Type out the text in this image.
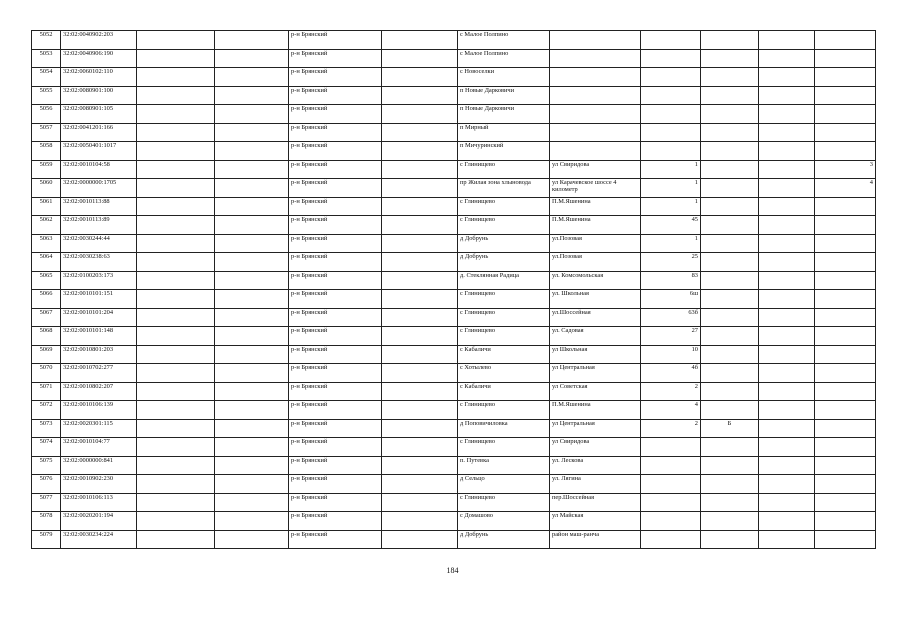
5052	32:02:0040902:203			р-н Брянский		с Малое Полпино					
5053	32:02:0040906:190			р-н Брянский		с Малое Полпино					
5054	32:02:0060102:110			р-н Брянский		с Новоселки					
5055	32:02:0080901:100			р-н Брянский		п Новые Дарковичи					
5056	32:02:0080901:105			р-н Брянский		п Новые Дарковичи					
5057	32:02:0041201:166			р-н Брянский		п Мирный					
5058	32:02:0050401:1017			р-н Брянский		п Мичуринский					
5059	32:02:0010104:58			р-н Брянский		с Глинищево	ул Свиридова	1			3
5060	32:02:0000000:1705			р-н Брянский		пр Жилая зона хлыновода	ул Карачевское шоссе 4 километр	1			4
5061	32:02:0010113:88			р-н Брянский		с Глинищево	П.М.Яшенина	1			
5062	32:02:0010113:89			р-н Брянский		с Глинищево	П.М.Яшенина	45			
5063	32:02:0030244:44			р-н Брянский		д Добрунь	ул.Позовая	1			
5064	32:02:0030238:63			р-н Брянский		д Добрунь	ул.Позовая	25			
5065	32:02:0100203:173			р-н Брянский		д. Стеклянная Радица	ул. Комсомольская	83			
5066	32:02:0010101:151			р-н Брянский		с Глинищево	ул. Школьная	6ш			
5067	32:02:0010101:204			р-н Брянский		с Глинищево	ул.Шоссейная	63б			
5068	32:02:0010101:148			р-н Брянский		с Глинищево	ул. Садовая	27			
5069	32:02:0010801:203			р-н Брянский		с Кабаличи	ул Школьная	10			
5070	32:02:0010702:277			р-н Брянский		с Хотылево	ул Центральная	4б			
5071	32:02:0010802:207			р-н Брянский		с Кабаличи	ул Советская	2			
5072	32:02:0010106:139			р-н Брянский		с Глинищево	П.М.Яшенина	4			
5073	32:02:0020301:115			р-н Брянский		д Поповичиловка	ул Центральная	2	Б		
5074	32:02:0010104:77			р-н Брянский		с Глинищево	ул Свиридова				
5075	32:02:0000000:841			р-н Брянский		п. Путевка	ул. Лескова				
5076	32:02:0010902:230			р-н Брянский		д Сельцо	ул. Лягина				
5077	32:02:0010106:113			р-н Брянский		с Глинищево	пер.Шоссейная				
5078	32:02:0020201:194			р-н Брянский		с Домашово	ул Майская				
5079	32:02:0030234:224			р-н Брянский		д Добрунь	район маш-ранча				
184
